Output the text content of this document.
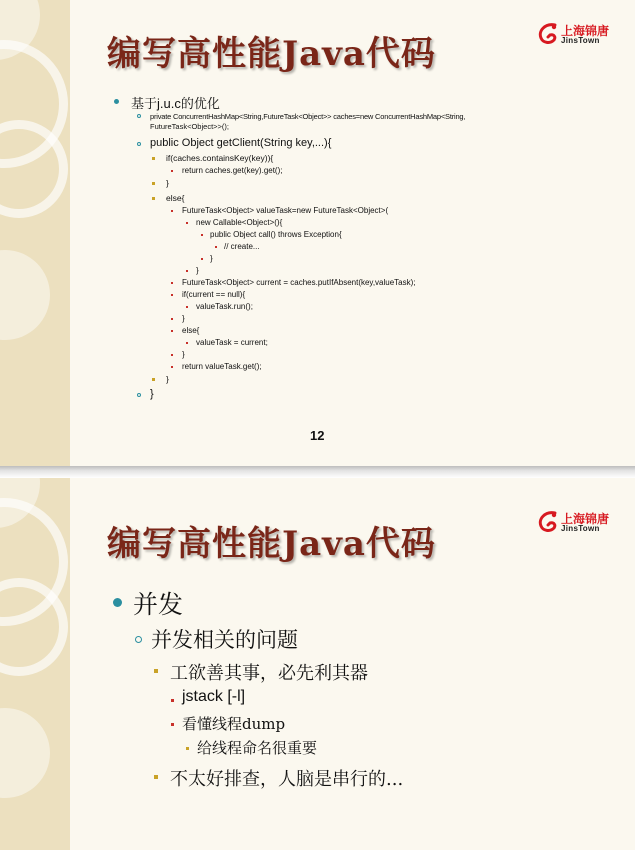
编写高性能Java代码
上海锦唐
JinsTown
基于j.u.c的优化
private ConcurrentHashMap<String,FutureTask<Object>> caches=new ConcurrentHashMap<String,
FutureTask<Object>>();
public Object getClient(String key,...){
if(caches.containsKey(key)){
return caches.get(key).get();
}
else{
FutureTask<Object> valueTask=new FutureTask<Object>(
new Callable<Object>(){
public Object call() throws Exception{
// create...
}
}
FutureTask<Object> current = caches.putIfAbsent(key,valueTask);
if(current == null){
valueTask.run();
}
else{
valueTask = current;
}
return valueTask.get();
}
}
12
编写高性能Java代码
上海锦唐
JinsTown
并发
并发相关的问题
工欲善其事，必先利其器
jstack [-l]
看懂线程dump
给线程命名很重要
不太好排查，人脑是串行的...
